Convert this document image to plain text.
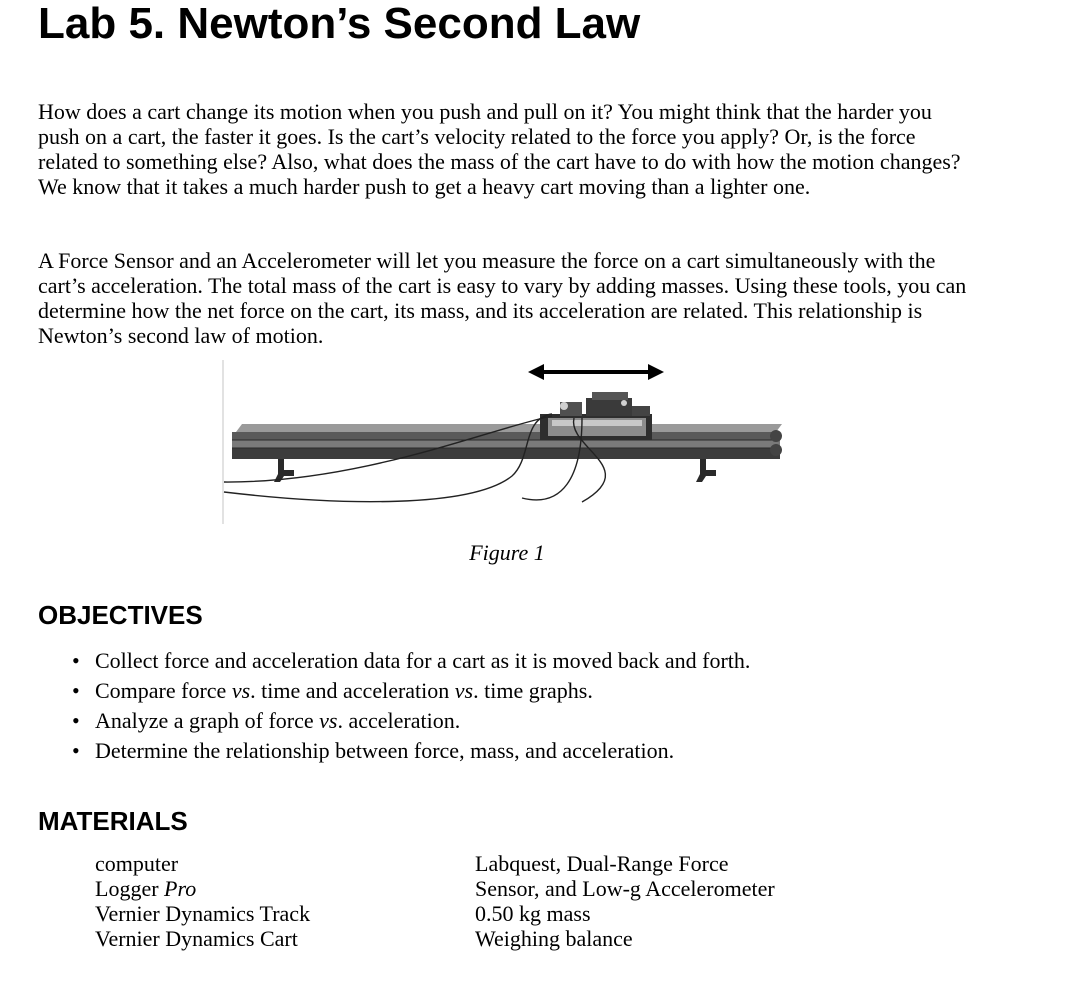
Lab 5. Newton’s Second Law

How does a cart change its motion when you push and pull on it? You might think that the harder you push on a cart, the faster it goes. Is the cart’s velocity related to the force you apply? Or, is the force related to something else? Also, what does the mass of the cart have to do with how the motion changes? We know that it takes a much harder push to get a heavy cart moving than a lighter one.

A Force Sensor and an Accelerometer will let you measure the force on a cart simultaneously with the cart’s acceleration. The total mass of the cart is easy to vary by adding masses. Using these tools, you can determine how the net force on the cart, its mass, and its acceleration are related. This relationship is Newton’s second law of motion.

Figure 1
OBJECTIVES
• Collect force and acceleration data for a cart as it is moved back and forth.
• Compare force vs. time and acceleration vs. time graphs.
• Analyze a graph of force vs. acceleration.
• Determine the relationship between force, mass, and acceleration.
MATERIALS
computer
Logger Pro
Vernier Dynamics Track
Vernier Dynamics Cart
Labquest, Dual-Range Force
Sensor, and Low-g Accelerometer
0.50 kg mass
Weighing balance
